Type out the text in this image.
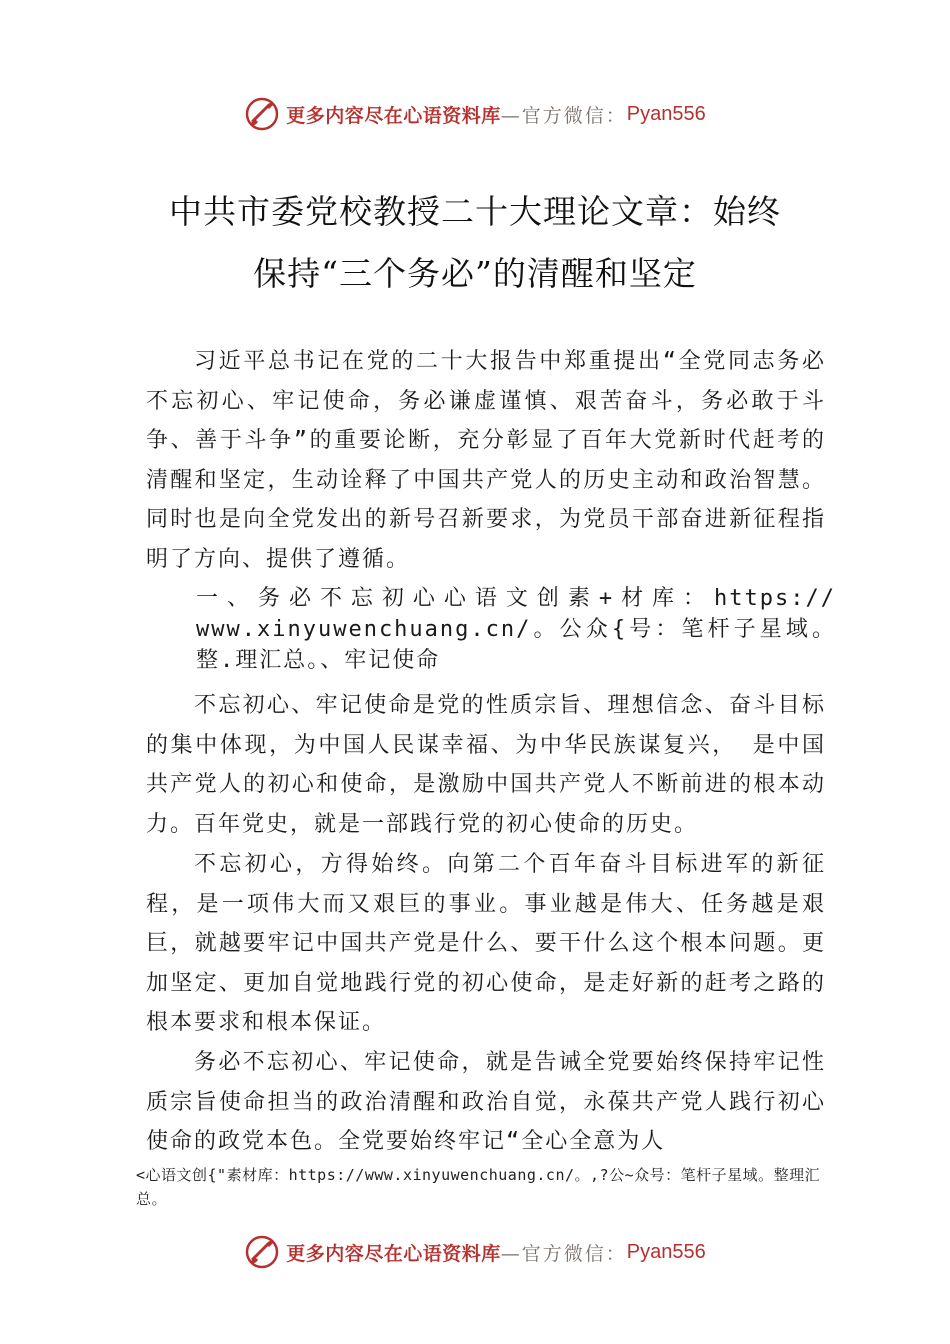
更多内容尽在心语资料库 —官方微信： Pyan556
中共市委党校教授二十大理论文章：始终
保持“三个务必”的清醒和坚定

习近平总书记在党的二十大报告中郑重提出“全党同志务必不忘初心、牢记使命，务必谦虚谨慎、艰苦奋斗，务必敢于斗争、善于斗争”的重要论断，充分彰显了百年大党新时代赶考的清醒和坚定，生动诠释了中国共产党人的历史主动和政治智慧。同时也是向全党发出的新号召新要求，为党员干部奋进新征程指明了方向、提供了遵循。

一、务必不忘初心心语文创素+材库：https:// www.xinyuwenchuang.cn/。公众{号：笔杆子星域。整.理汇总。、牢记使命

不忘初心、牢记使命是党的性质宗旨、理想信念、奋斗目标的集中体现，为中国人民谋幸福、为中华民族谋复兴， 是中国共产党人的初心和使命，是激励中国共产党人不断前进的根本动力。百年党史，就是一部践行党的初心使命的历史。

不忘初心，方得始终。向第二个百年奋斗目标进军的新征程，是一项伟大而又艰巨的事业。事业越是伟大、任务越是艰巨，就越要牢记中国共产党是什么、要干什么这个根本问题。更加坚定、更加自觉地践行党的初心使命，是走好新的赶考之路的根本要求和根本保证。

务必不忘初心、牢记使命，就是告诫全党要始终保持牢记性质宗旨使命担当的政治清醒和政治自觉，永葆共产党人践行初心使命的政党本色。全党要始终牢记“全心全意为人

<心语文创{"素材库：https://www.xinyuwenchuang.cn/。,?公~众号：笔杆子星域。整理汇总。
更多内容尽在心语资料库 —官方微信： Pyan556
